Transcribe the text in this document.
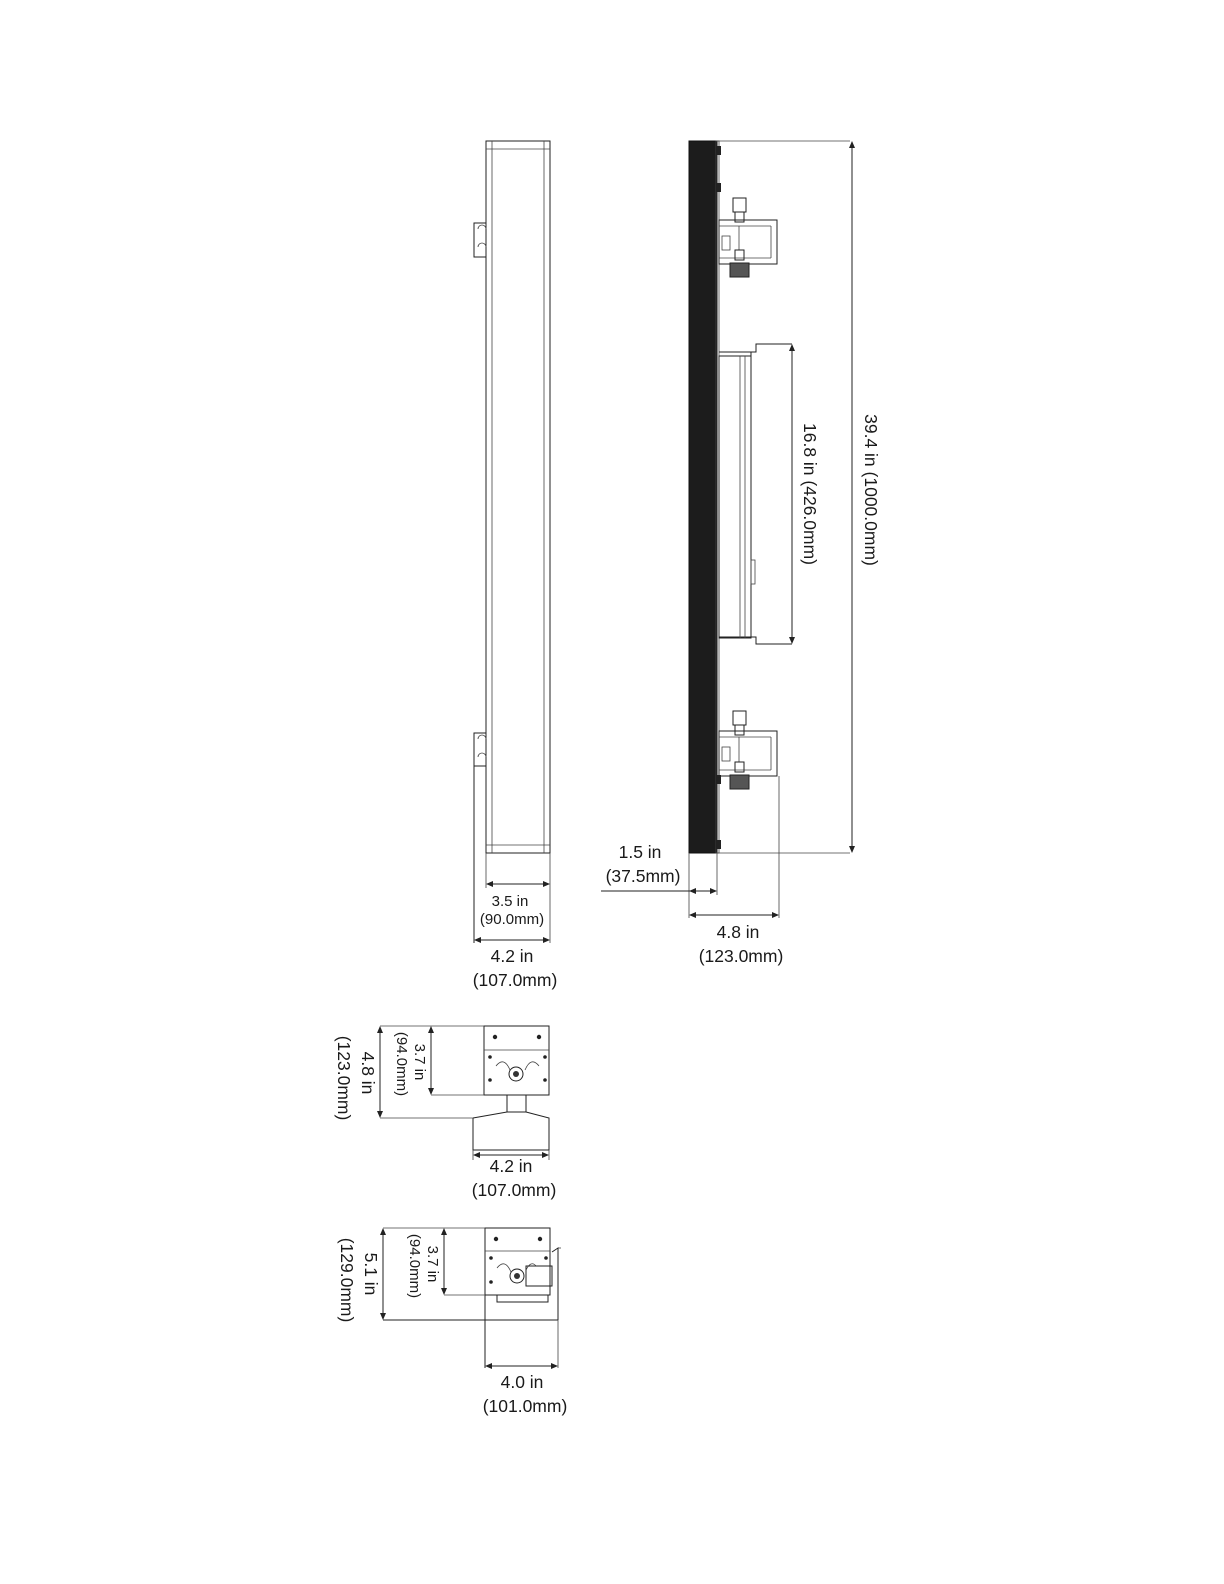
3.5 in
(90.0mm)
4.2 in
(107.0mm)
39.4 in (1000.0mm)
16.8 in (426.0mm)
1.5 in
(37.5mm)
4.8 in
(123.0mm)
3.7 in
(94.0mm)
4.8 in
(123.0mm)
4.2 in
(107.0mm)
3.7 in
(94.0mm)
5.1 in
(129.0mm)
4.0 in
(101.0mm)
